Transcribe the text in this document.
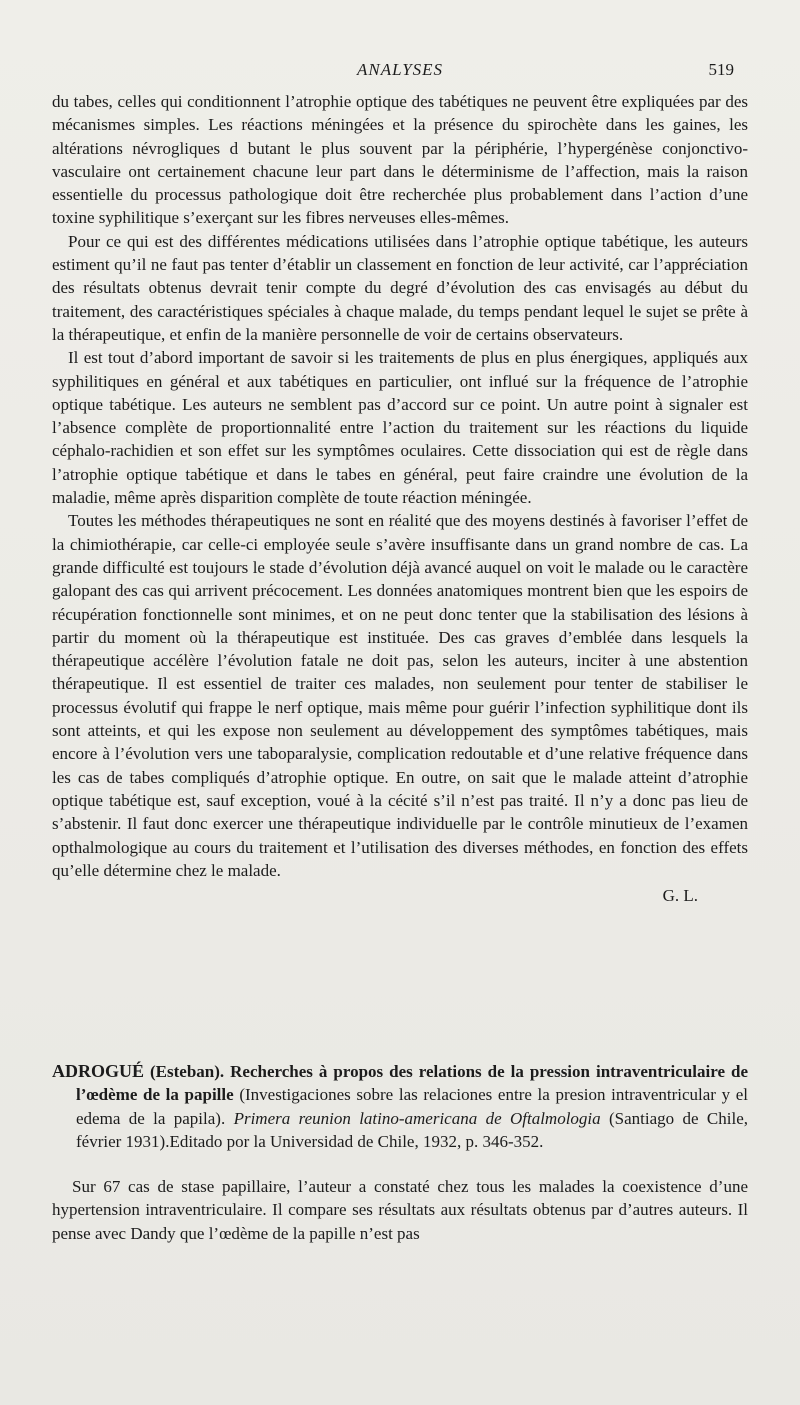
ANALYSES	519

du tabes, celles qui conditionnent l’atrophie optique des tabétiques ne peuvent être expliquées par des mécanismes simples. Les réactions méningées et la présence du spirochète dans les gaines, les altérations névrogliques d butant le plus souvent par la périphérie, l’hypergénèse conjonctivo-vasculaire ont certainement chacune leur part dans le déterminisme de l’affection, mais la raison essentielle du processus pathologique doit être recherchée plus probablement dans l’action d’une toxine syphilitique s’exerçant sur les fibres nerveuses elles-mêmes.

Pour ce qui est des différentes médications utilisées dans l’atrophie optique tabétique, les auteurs estiment qu’il ne faut pas tenter d’établir un classement en fonction de leur activité, car l’appréciation des résultats obtenus devrait tenir compte du degré d’évolution des cas envisagés au début du traitement, des caractéristiques spéciales à chaque malade, du temps pendant lequel le sujet se prête à la thérapeutique, et enfin de la manière personnelle de voir de certains observateurs.

Il est tout d’abord important de savoir si les traitements de plus en plus énergiques, appliqués aux syphilitiques en général et aux tabétiques en particulier, ont influé sur la fréquence de l’atrophie optique tabétique. Les auteurs ne semblent pas d’accord sur ce point. Un autre point à signaler est l’absence complète de proportionnalité entre l’action du traitement sur les réactions du liquide céphalo-rachidien et son effet sur les symptômes oculaires. Cette dissociation qui est de règle dans l’atrophie optique tabétique et dans le tabes en général, peut faire craindre une évolution de la maladie, même après disparition complète de toute réaction méningée.

Toutes les méthodes thérapeutiques ne sont en réalité que des moyens destinés à favoriser l’effet de la chimiothérapie, car celle-ci employée seule s’avère insuffisante dans un grand nombre de cas. La grande difficulté est toujours le stade d’évolution déjà avancé auquel on voit le malade ou le caractère galopant des cas qui arrivent précocement. Les données anatomiques montrent bien que les espoirs de récupération fonctionnelle sont minimes, et on ne peut donc tenter que la stabilisation des lésions à partir du moment où la thérapeutique est instituée. Des cas graves d’emblée dans lesquels la thérapeutique accélère l’évolution fatale ne doit pas, selon les auteurs, inciter à une abstention thérapeutique. Il est essentiel de traiter ces malades, non seulement pour tenter de stabiliser le processus évolutif qui frappe le nerf optique, mais même pour guérir l’infection syphilitique dont ils sont atteints, et qui les expose non seulement au développement des symptômes tabétiques, mais encore à l’évolution vers une taboparalysie, complication redoutable et d’une relative fréquence dans les cas de tabes compliqués d’atrophie optique. En outre, on sait que le malade atteint d’atrophie optique tabétique est, sauf exception, voué à la cécité s’il n’est pas traité. Il n’y a donc pas lieu de s’abstenir. Il faut donc exercer une thérapeutique individuelle par le contrôle minutieux de l’examen opthalmologique au cours du traitement et l’utilisation des diverses méthodes, en fonction des effets qu’elle détermine chez le malade.

G. L.

ADROGUÉ (Esteban). Recherches à propos des relations de la pression intraventriculaire de l’œdème de la papille (Investigaciones sobre las relaciones entre la presion intraventricular y el edema de la papila). Primera reunion latino-americana de Oftalmologia (Santiago de Chile, février 1931).Editado por la Universidad de Chile, 1932, p. 346-352.

Sur 67 cas de stase papillaire, l’auteur a constaté chez tous les malades la coexistence d’une hypertension intraventriculaire. Il compare ses résultats aux résultats obtenus par d’autres auteurs. Il pense avec Dandy que l’œdème de la papille n’est pas
